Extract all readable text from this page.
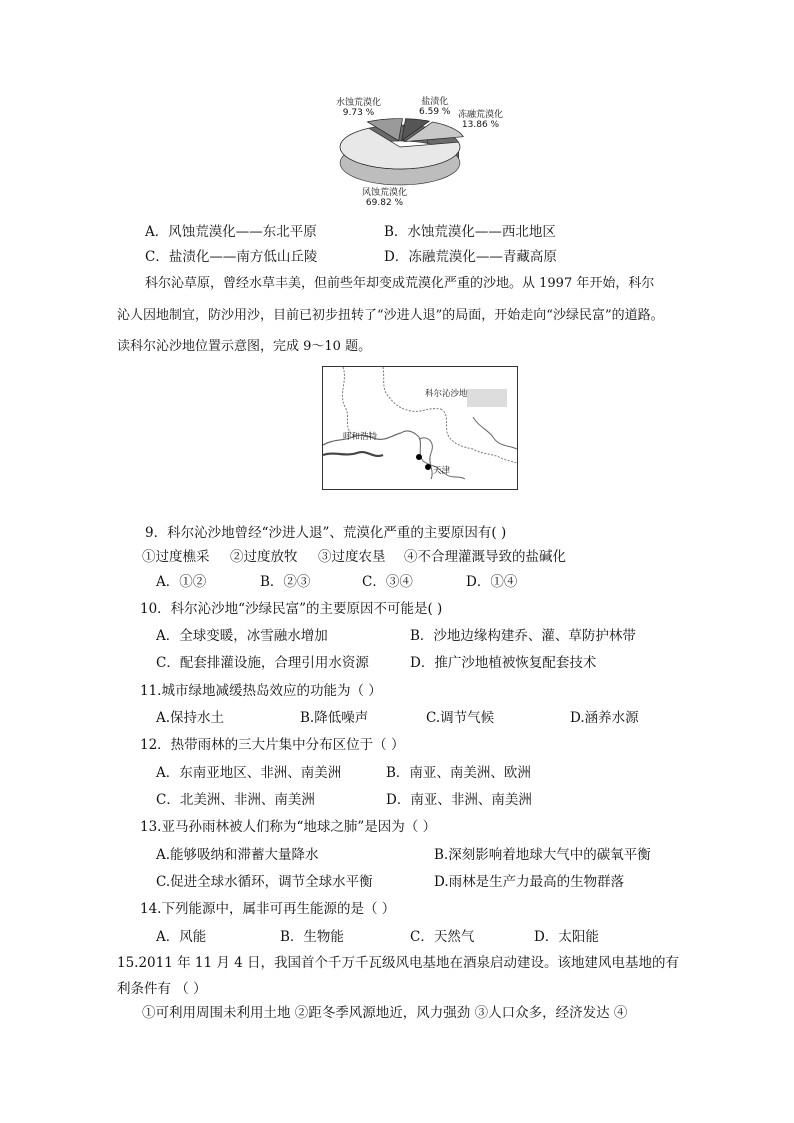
水蚀荒漠化
9.73 %
盐渍化
6.59 % 冻融荒漠化
13.86 %
风蚀荒漠化
69.82 %
A．风蚀荒漠化——东北平原	B．水蚀荒漠化——西北地区
C．盐渍化——南方低山丘陵	D．冻融荒漠化——青藏高原
科尔沁草原，曾经水草丰美，但前些年却变成荒漠化严重的沙地。从 1997 年开始，科尔
沁人因地制宜，防沙用沙，目前已初步扭转了“沙进人退”的局面，开始走向“沙绿民富”的道路。
读科尔沁沙地位置示意图，完成 9～10 题。
科尔沁沙地
呼和浩特
天津
9．科尔沁沙地曾经“沙进人退”、荒漠化严重的主要原因有( )
①过度樵采 ②过度放牧 ③过度农垦 ④不合理灌溉导致的盐碱化
A．①②	B．②③	C．③④	D．①④
10．科尔沁沙地“沙绿民富”的主要原因不可能是( )
A．全球变暖，冰雪融水增加	B．沙地边缘构建乔、灌、草防护林带
C．配套排灌设施，合理引用水资源	D．推广沙地植被恢复配套技术
11.城市绿地减缓热岛效应的功能为（ ）
A.保持水土	B.降低噪声	C.调节气候	D.涵养水源
12．热带雨林的三大片集中分布区位于（ ）
A．东南亚地区、非洲、南美洲	B．南亚、南美洲、欧洲
C．北美洲、非洲、南美洲	D．南亚、非洲、南美洲
13.亚马孙雨林被人们称为“地球之肺”是因为（ ）
A.能够吸纳和滞蓄大量降水	B.深刻影响着地球大气中的碳氧平衡
C.促进全球水循环，调节全球水平衡	D.雨林是生产力最高的生物群落
14.下列能源中，属非可再生能源的是（ ）
A．风能	B．生物能	C．天然气	D．太阳能
15.2011 年 11 月 4 日，我国首个千万千瓦级风电基地在酒泉启动建设。该地建风电基地的有
利条件有 （ ）
①可利用周围未利用土地 ②距冬季风源地近，风力强劲 ③人口众多，经济发达 ④
